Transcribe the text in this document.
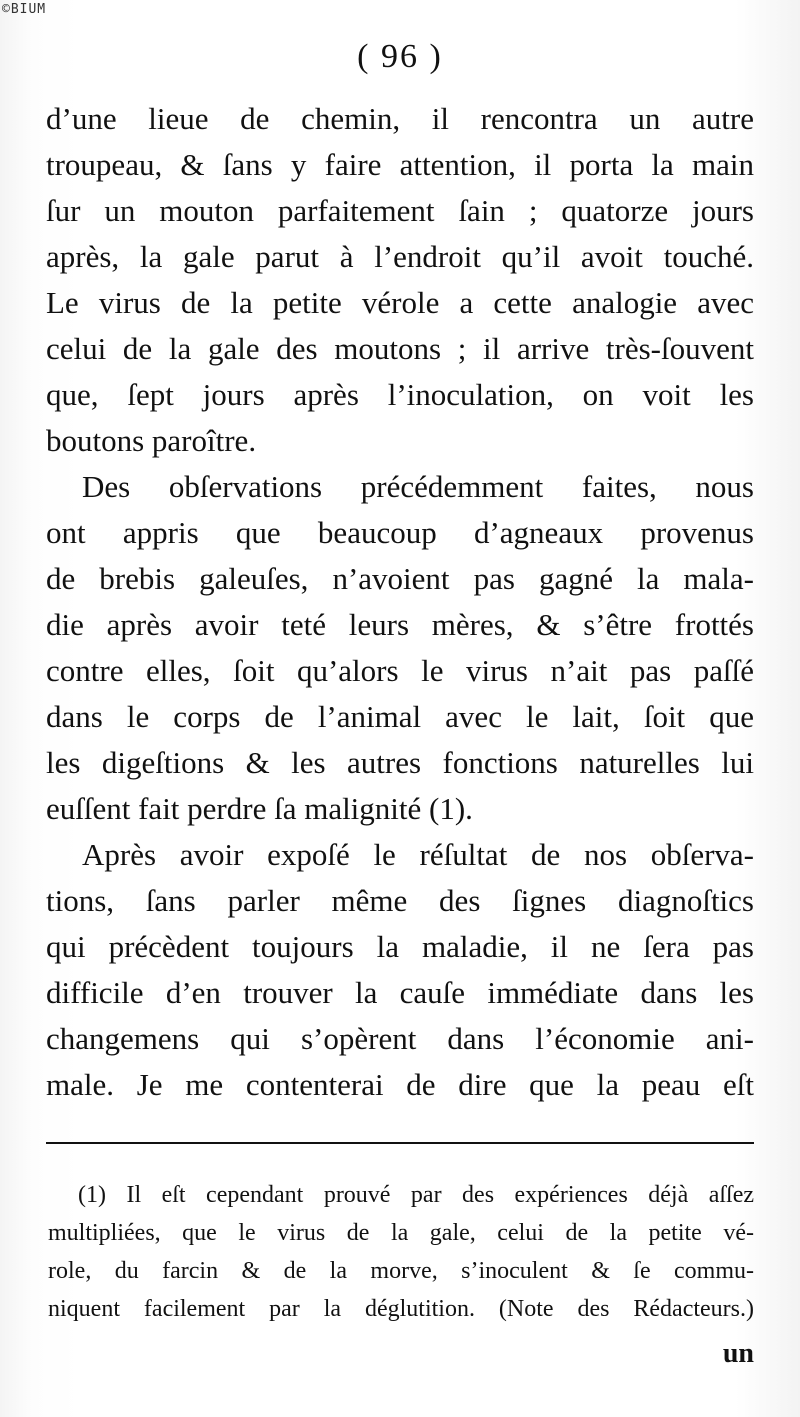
©BIUM
( 96 )
d’une lieue de chemin, il rencontra un autre
troupeau, & ſans y faire attention, il porta la main
ſur un mouton parfaitement ſain ; quatorze jours
après, la gale parut à l’endroit qu’il avoit touché.
Le virus de la petite vérole a cette analogie avec
celui de la gale des moutons ; il arrive très-ſouvent
que, ſept jours après l’inoculation, on voit les
boutons paroître.
Des obſervations précédemment faites, nous
ont appris que beaucoup d’agneaux provenus
de brebis galeuſes, n’avoient pas gagné la mala-
die après avoir teté leurs mères, & s’être frottés
contre elles, ſoit qu’alors le virus n’ait pas paſſé
dans le corps de l’animal avec le lait, ſoit que
les digeſtions & les autres fonctions naturelles lui
euſſent fait perdre ſa malignité (1).
Après avoir expoſé le réſultat de nos obſerva-
tions, ſans parler même des ſignes diagnoſtics
qui précèdent toujours la maladie, il ne ſera pas
difficile d’en trouver la cauſe immédiate dans les
changemens qui s’opèrent dans l’économie ani-
male. Je me contenterai de dire que la peau eſt
(1) Il eſt cependant prouvé par des expériences déjà aſſez
multipliées, que le virus de la gale, celui de la petite vé-
role, du farcin & de la morve, s’inoculent & ſe commu-
niquent facilement par la déglutition. (Note des Rédacteurs.)
un
